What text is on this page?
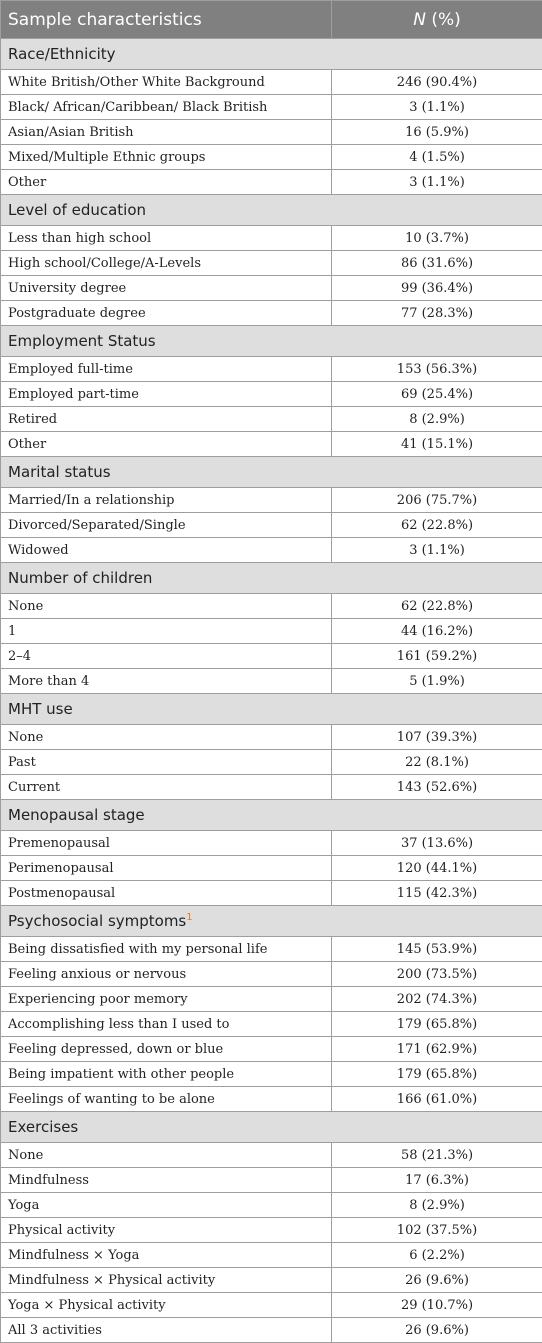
Sample characteristics	N (%)
Race/Ethnicity	
White British/Other White Background	246 (90.4%)
Black/ African/Caribbean/ Black British	3 (1.1%)
Asian/Asian British	16 (5.9%)
Mixed/Multiple Ethnic groups	4 (1.5%)
Other	3 (1.1%)
Level of education	
Less than high school	10 (3.7%)
High school/College/A-Levels	86 (31.6%)
University degree	99 (36.4%)
Postgraduate degree	77 (28.3%)
Employment Status	
Employed full-time	153 (56.3%)
Employed part-time	69 (25.4%)
Retired	8 (2.9%)
Other	41 (15.1%)
Marital status	
Married/In a relationship	206 (75.7%)
Divorced/Separated/Single	62 (22.8%)
Widowed	3 (1.1%)
Number of children	
None	62 (22.8%)
1	44 (16.2%)
2–4	161 (59.2%)
More than 4	5 (1.9%)
MHT use	
None	107 (39.3%)
Past	22 (8.1%)
Current	143 (52.6%)
Menopausal stage	
Premenopausal	37 (13.6%)
Perimenopausal	120 (44.1%)
Postmenopausal	115 (42.3%)
Psychosocial symptoms$^1$
Being dissatisfied with my personal life	145 (53.9%)
Feeling anxious or nervous	200 (73.5%)
Experiencing poor memory	202 (74.3%)
Accomplishing less than I used to	179 (65.8%)
Feeling depressed, down or blue	171 (62.9%)
Being impatient with other people	179 (65.8%)
Feelings of wanting to be alone	166 (61.0%)
Exercises	
None	58 (21.3%)
Mindfulness	17 (6.3%)
Yoga	8 (2.9%)
Physical activity	102 (37.5%)
Mindfulness × Yoga	6 (2.2%)
Mindfulness × Physical activity	26 (9.6%)
Yoga × Physical activity	29 (10.7%)
All 3 activities	26 (9.6%)
